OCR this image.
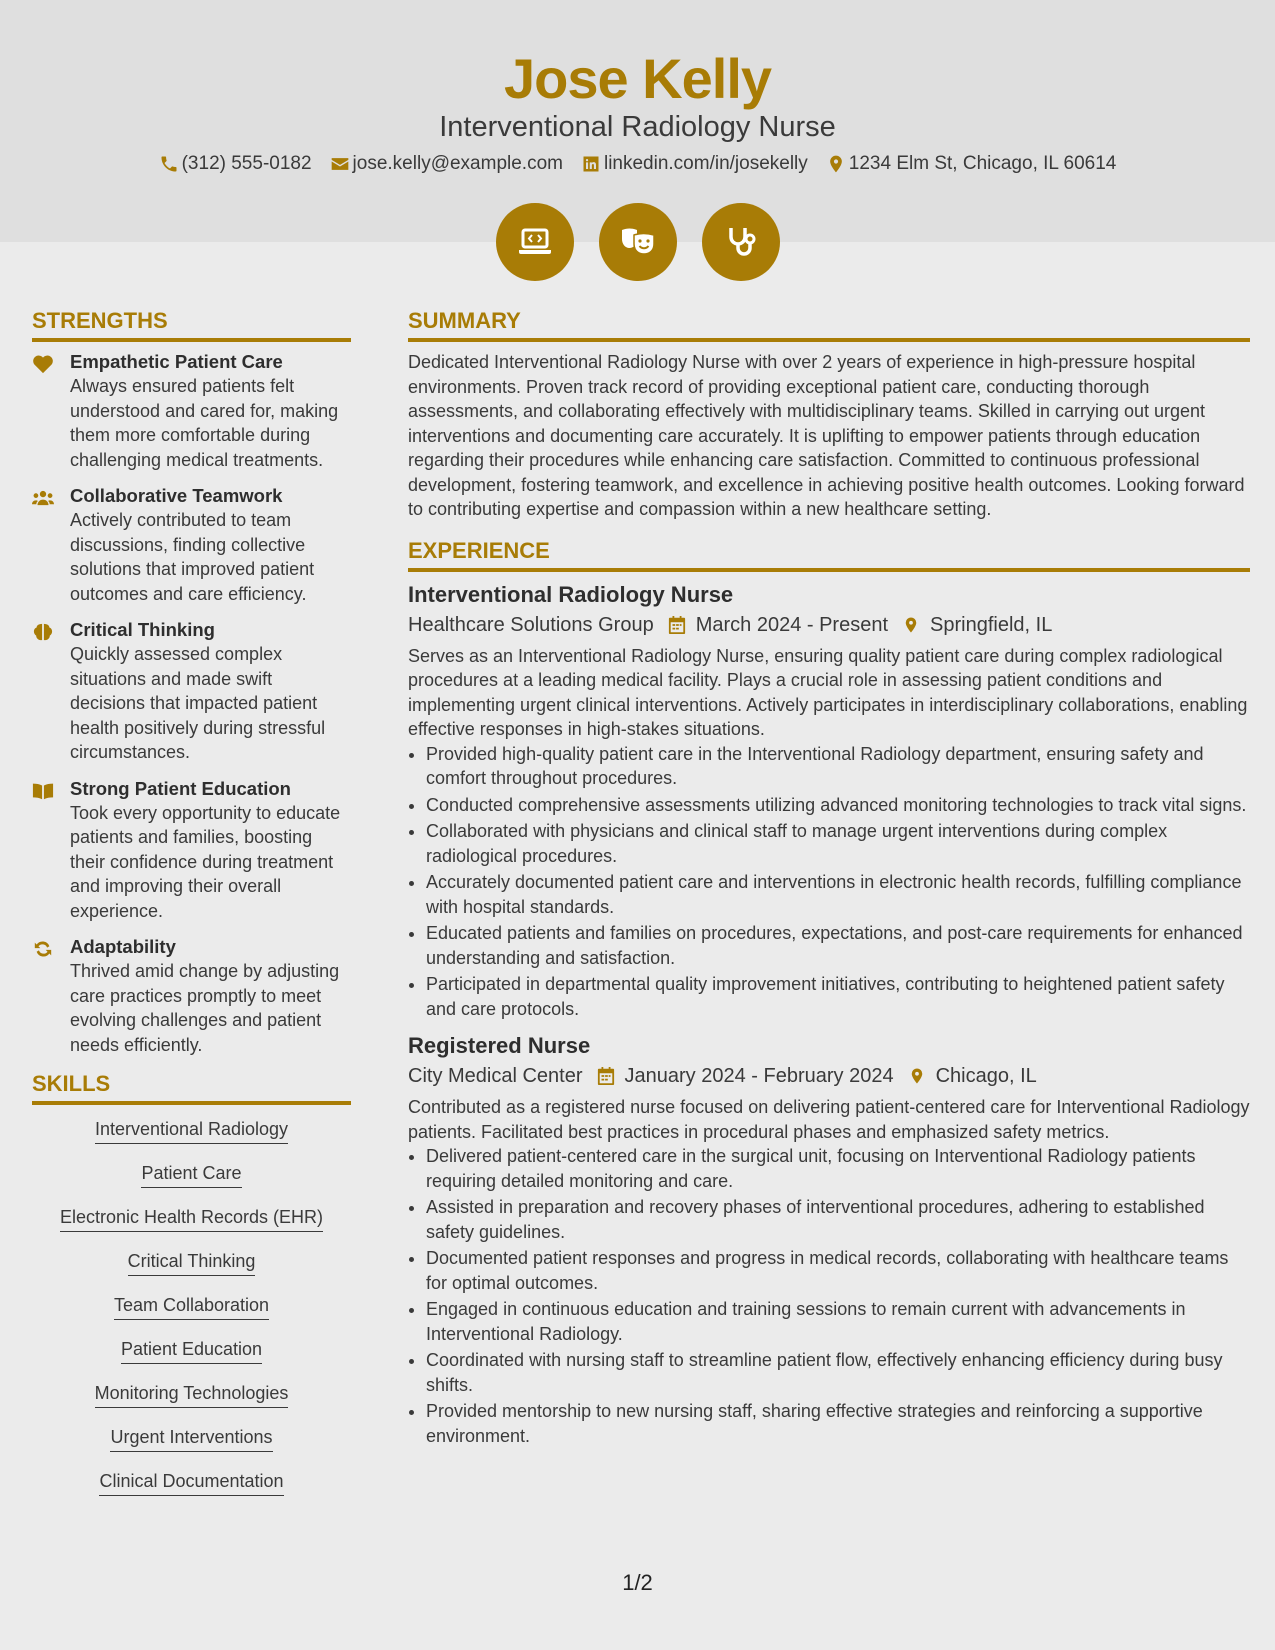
Jose Kelly
Interventional Radiology Nurse
(312) 555-0182 jose.kelly@example.com linkedin.com/in/josekelly 1234 Elm St, Chicago, IL 60614
STRENGTHS
Empathetic Patient Care
Always ensured patients felt understood and cared for, making them more comfortable during challenging medical treatments.
Collaborative Teamwork
Actively contributed to team discussions, finding collective solutions that improved patient outcomes and care efficiency.
Critical Thinking
Quickly assessed complex situations and made swift decisions that impacted patient health positively during stressful circumstances.
Strong Patient Education
Took every opportunity to educate patients and families, boosting their confidence during treatment and improving their overall experience.
Adaptability
Thrived amid change by adjusting care practices promptly to meet evolving challenges and patient needs efficiently.
SKILLS
Interventional Radiology
Patient Care
Electronic Health Records (EHR)
Critical Thinking
Team Collaboration
Patient Education
Monitoring Technologies
Urgent Interventions
Clinical Documentation
SUMMARY

Dedicated Interventional Radiology Nurse with over 2 years of experience in high-pressure hospital environments. Proven track record of providing exceptional patient care, conducting thorough assessments, and collaborating effectively with multidisciplinary teams. Skilled in carrying out urgent interventions and documenting care accurately. It is uplifting to empower patients through education regarding their procedures while enhancing care satisfaction. Committed to continuous professional development, fostering teamwork, and excellence in achieving positive health outcomes. Looking forward to contributing expertise and compassion within a new healthcare setting.

EXPERIENCE
Interventional Radiology Nurse
Healthcare Solutions Group March 2024 - Present Springfield, IL
Serves as an Interventional Radiology Nurse, ensuring quality patient care during complex radiological procedures at a leading medical facility. Plays a crucial role in assessing patient conditions and implementing urgent clinical interventions. Actively participates in interdisciplinary collaborations, enabling effective responses in high-stakes situations.
• Provided high-quality patient care in the Interventional Radiology department, ensuring safety and comfort throughout procedures.
• Conducted comprehensive assessments utilizing advanced monitoring technologies to track vital signs.
• Collaborated with physicians and clinical staff to manage urgent interventions during complex radiological procedures.
• Accurately documented patient care and interventions in electronic health records, fulfilling compliance with hospital standards.
• Educated patients and families on procedures, expectations, and post-care requirements for enhanced understanding and satisfaction.
• Participated in departmental quality improvement initiatives, contributing to heightened patient safety and care protocols.
Registered Nurse
City Medical Center January 2024 - February 2024 Chicago, IL
Contributed as a registered nurse focused on delivering patient-centered care for Interventional Radiology patients. Facilitated best practices in procedural phases and emphasized safety metrics.
• Delivered patient-centered care in the surgical unit, focusing on Interventional Radiology patients requiring detailed monitoring and care.
• Assisted in preparation and recovery phases of interventional procedures, adhering to established safety guidelines.
• Documented patient responses and progress in medical records, collaborating with healthcare teams for optimal outcomes.
• Engaged in continuous education and training sessions to remain current with advancements in Interventional Radiology.
• Coordinated with nursing staff to streamline patient flow, effectively enhancing efficiency during busy shifts.
• Provided mentorship to new nursing staff, sharing effective strategies and reinforcing a supportive environment.
1/2
